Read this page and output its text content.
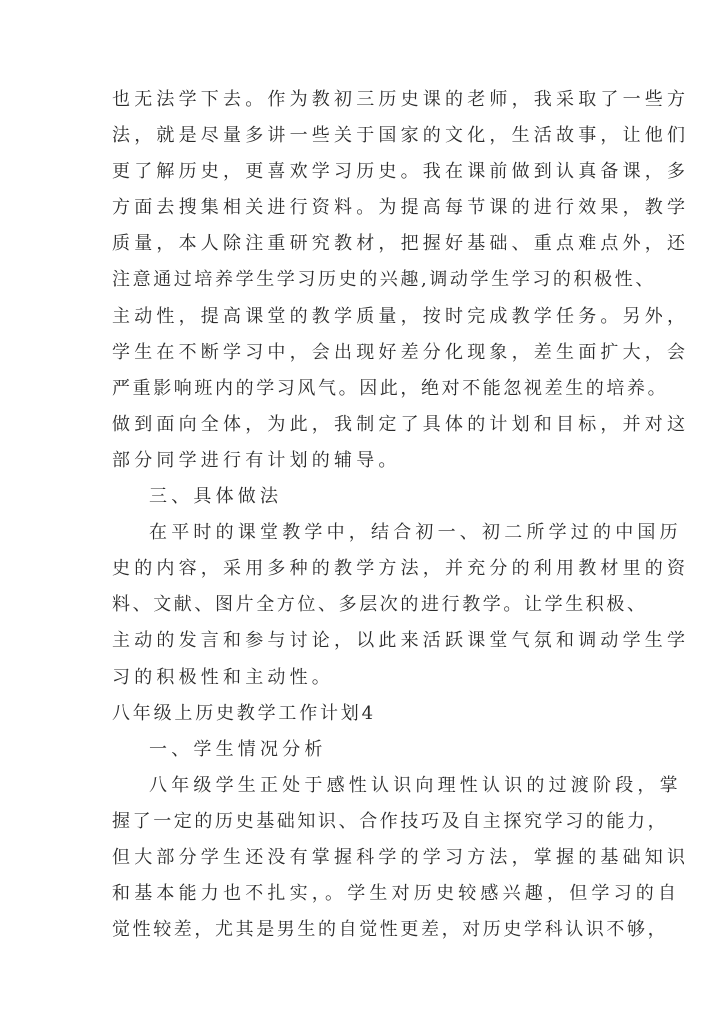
也无法学下去。作为教初三历史课的老师，我采取了一些方
法，就是尽量多讲一些关于国家的文化，生活故事，让他们
更了解历史，更喜欢学习历史。我在课前做到认真备课，多
方面去搜集相关进行资料。为提高每节课的进行效果，教学
质量，本人除注重研究教材，把握好基础、重点难点外，还
注意通过培养学生学习历史的兴趣,调动学生学习的积极性、
主动性，提高课堂的教学质量，按时完成教学任务。另外，
学生在不断学习中，会出现好差分化现象，差生面扩大，会
严重影响班内的学习风气。因此，绝对不能忽视差生的培养。
做到面向全体，为此，我制定了具体的计划和目标，并对这
部分同学进行有计划的辅导。
三、具体做法
在平时的课堂教学中，结合初一、初二所学过的中国历
史的内容，采用多种的教学方法，并充分的利用教材里的资
料、文献、图片全方位、多层次的进行教学。让学生积极、
主动的发言和参与讨论，以此来活跃课堂气氛和调动学生学
习的积极性和主动性。
八年级上历史教学工作计划4
一、学生情况分析
八年级学生正处于感性认识向理性认识的过渡阶段，掌
握了一定的历史基础知识、合作技巧及自主探究学习的能力，
但大部分学生还没有掌握科学的学习方法，掌握的基础知识
和基本能力也不扎实，。学生对历史较感兴趣，但学习的自
觉性较差，尤其是男生的自觉性更差，对历史学科认识不够，
